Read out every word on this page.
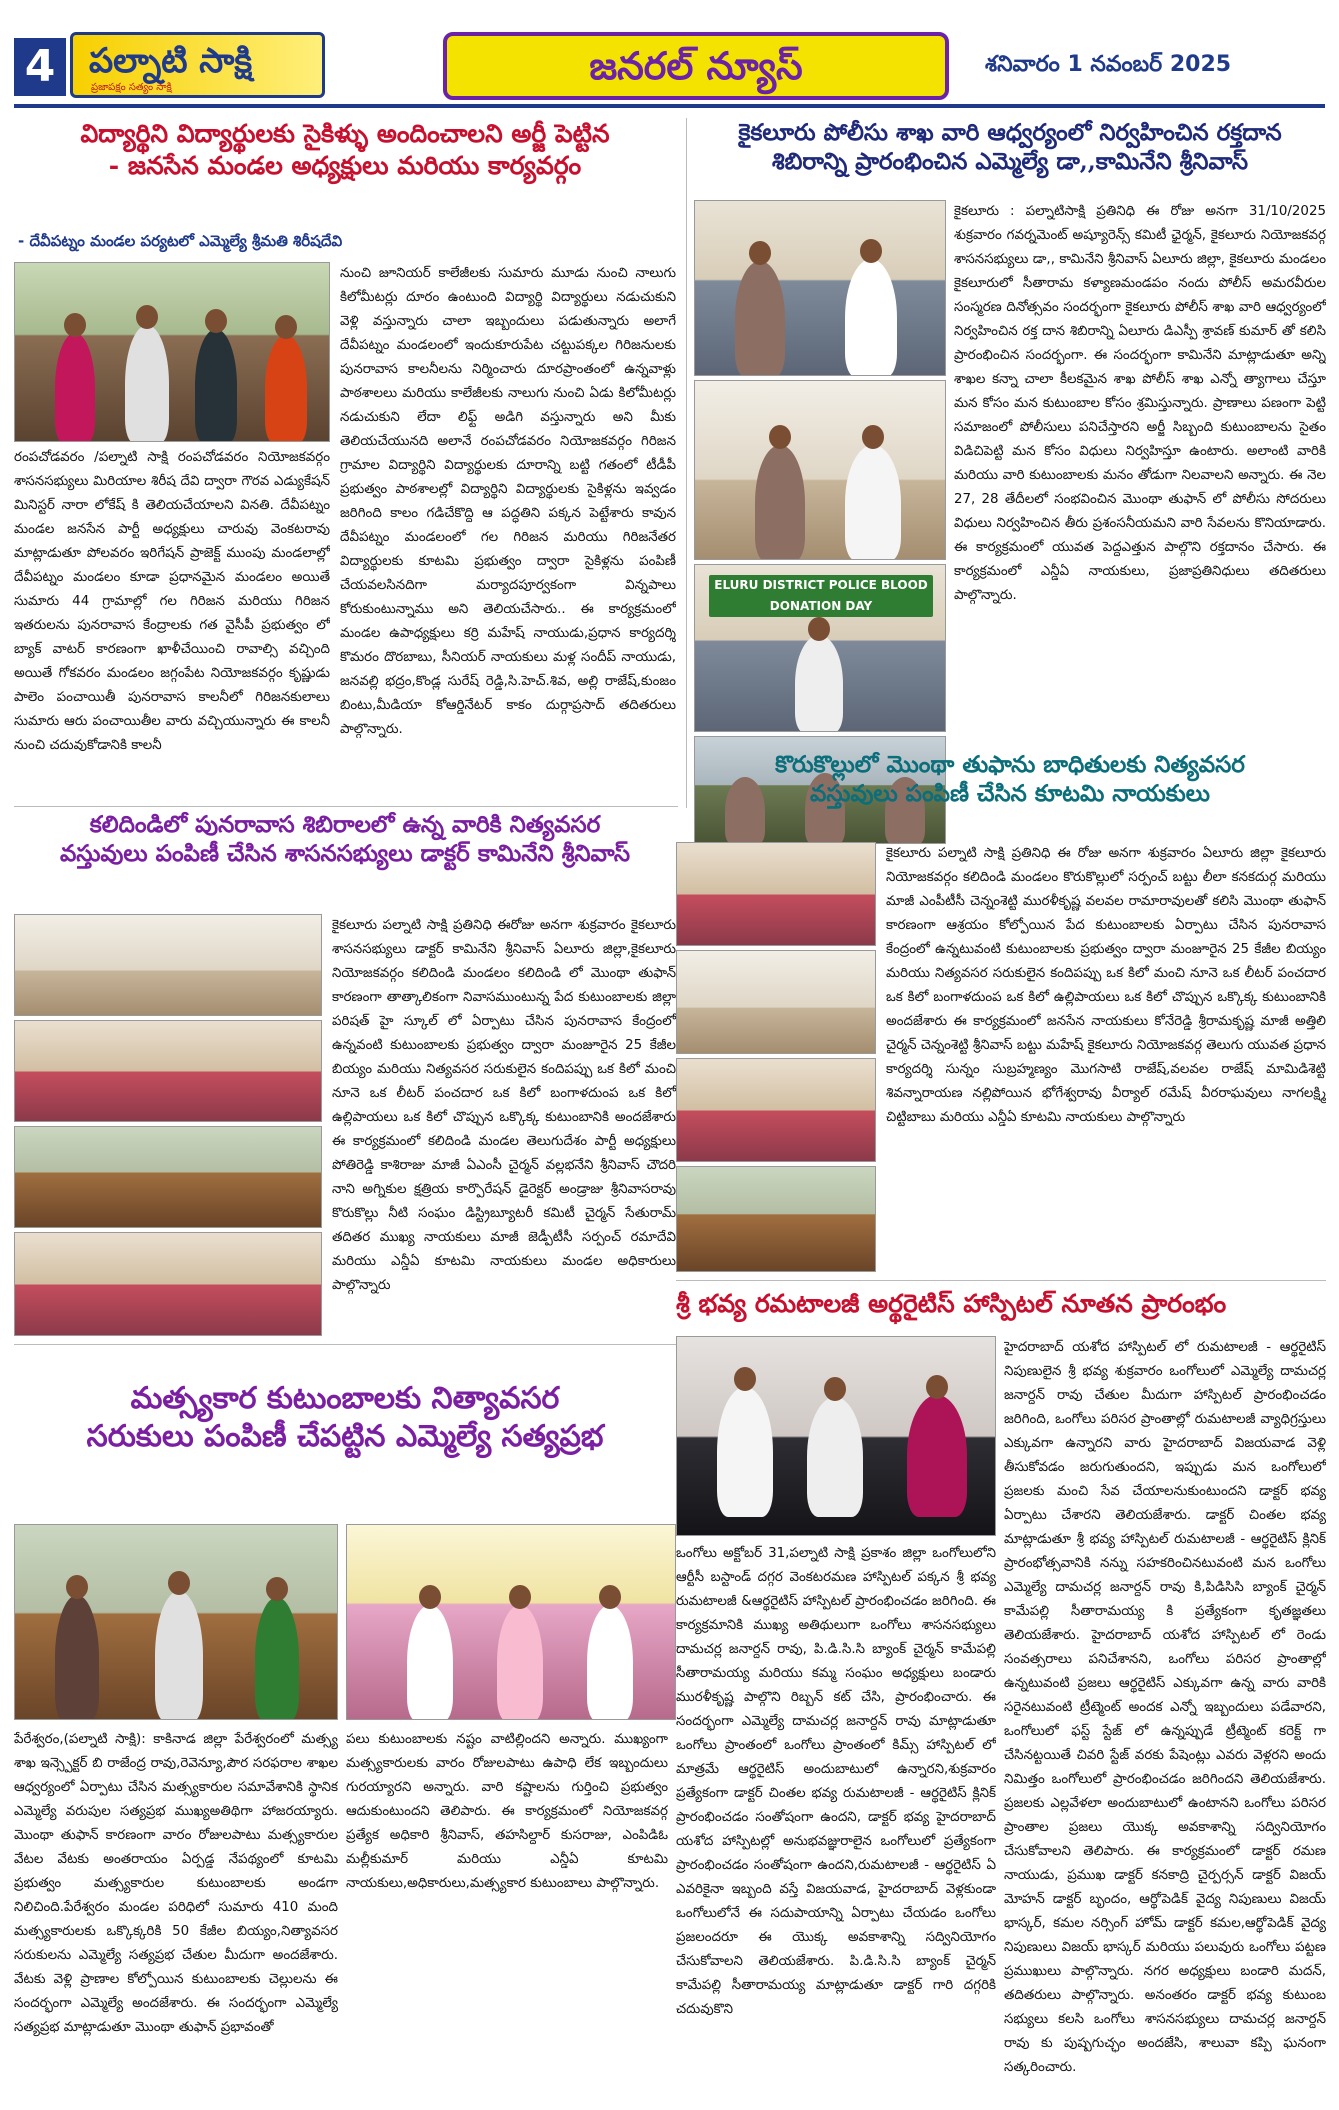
4 పల్నాటి సాక్షి
ప్రజాపక్షం సత్యం సాక్షి	జనరల్ న్యూస్	శనివారం 1 నవంబర్ 2025
విద్యార్థిని విద్యార్థులకు సైకిళ్ళు అందించాలని అర్జీ పెట్టిన
- జనసేన మండల అధ్యక్షులు మరియు కార్యవర్గం
- దేవీపట్నం మండల పర్యటలో ఎమ్మెల్యే శ్రీమతి శిరీషదేవి
రంపచోడవరం /పల్నాటి సాక్షి రంపచోడవరం నియోజకవర్గం శాసనసభ్యులు మిరియాల శిరీష దేవి ద్వారా గౌరవ ఎడ్యుకేషన్ మినిస్టర్ నారా లోకేష్ కి తెలియచేయాలని వినతి. దేవీపట్నం మండల జనసేన పార్టీ అధ్యక్షులు చారువు వెంకటరావు మాట్లాడుతూ పోలవరం ఇరిగేషన్ ప్రాజెక్ట్ ముంపు మండలాల్లో దేవీపట్నం మండలం కూడా ప్రధానమైన మండలం అయితే సుమారు 44 గ్రామాల్లో గల గిరిజన మరియు గిరిజన ఇతరులను పునరావాస కేంద్రాలకు గత వైసీపీ ప్రభుత్వం లో బ్యాక్ వాటర్ కారణంగా ఖాళీచేయించి రావాల్సి వచ్చింది అయితే గోకవరం మండలం జగ్గంపేట నియోజకవర్గం కృష్ణుడు పాలెం పంచాయితీ పునరావాస కాలనీలో గిరిజనకులాలు సుమారు ఆరు పంచాయితీల వారు వచ్చియున్నారు ఈ కాలనీ నుంచి చదువుకోడానికి కాలనీ
నుంచి జూనియర్ కాలేజీలకు సుమారు మూడు నుంచి నాలుగు కిలోమీటర్లు దూరం ఉంటుంది విద్యార్థి విద్యార్థులు నడుచుకుని వెళ్లి వస్తున్నారు చాలా ఇబ్బందులు పడుతున్నారు అలాగే దేవీపట్నం మండలంలో ఇందుకూరుపేట చట్టుపక్కల గిరిజనులకు పునరావాస కాలనీలను నిర్మించారు దూరప్రాంతంలో ఉన్నవాళ్లు పాఠశాలలు మరియు కాలేజీలకు నాలుగు నుంచి ఏడు కిలోమీటర్లు నడుచుకుని లేదా లిఫ్ట్ అడిగి వస్తున్నారు అని మీకు తెలియచేయునది అలానే రంపచోడవరం నియోజకవర్గం గిరిజన గ్రామాల విద్యార్థిని విద్యార్థులకు దూరాన్ని బట్టి గతంలో టీడీపీ ప్రభుత్వం పాఠశాలల్లో విద్యార్థిని విద్యార్థులకు సైకిళ్లను ఇవ్వడం జరిగింది కాలం గడిచేకొద్ది ఆ పద్ధతిని పక్కన పెట్టేశారు కావున దేవీపట్నం మండలంలో గల గిరిజన మరియు గిరిజనేతర విద్యార్థులకు కూటమి ప్రభుత్వం ద్వారా సైకిళ్లను పంపిణీ చేయవలసినదిగా మర్యాదపూర్వకంగా విన్నపాలు కోరుకుంటున్నాము అని తెలియచేసారు.. ఈ కార్యక్రమంలో మండల ఉపాధ్యక్షులు కర్రి మహేష్ నాయుడు,ప్రధాన కార్యదర్శి కొమరం దొరబాబు, సీనియర్ నాయకులు మళ్ల సందీప్ నాయుడు, జనవల్లి భద్రం,కొండ్ల సురేష్ రెడ్డి,సి.హెచ్.శివ, అల్లి రాజేష్,కుంజం బింటు,మీడియా కోఆర్డినేటర్ కాకం దుర్గాప్రసాద్ తదితరులు పాల్గొన్నారు.
కైకలూరు పోలీసు శాఖ వారి ఆధ్వర్యంలో నిర్వహించిన రక్తదాన
శిబిరాన్ని ప్రారంభించిన ఎమ్మెల్యే డా,,కామినేని శ్రీనివాస్
ELURU DISTRICT POLICE BLOOD DONATION DAY
కైకలూరు : పల్నాటిసాక్షి ప్రతినిధి ఈ రోజు అనగా 31/10/2025 శుక్రవారం గవర్నమెంట్ అష్యూరెన్స్ కమిటీ ఛైర్మన్, కైకలూరు నియోజకవర్గ శాసనసభ్యులు డా,, కామినేని శ్రీనివాస్ ఏలూరు జిల్లా, కైకలూరు మండలం కైకలూరులో సీతారామ కళ్యాణమండపం నందు పోలీస్ అమరవీరుల సంస్మరణ దినోత్సవం సందర్భంగా కైకలూరు పోలీస్ శాఖ వారి ఆధ్వర్యంలో నిర్వహించిన రక్త దాన శిబిరాన్ని ఏలూరు డిఎస్పీ శ్రావణ్ కుమార్ తో కలిసి ప్రారంభించిన సందర్భంగా. ఈ సందర్భంగా కామినేని మాట్లాడుతూ అన్ని శాఖల కన్నా చాలా కీలకమైన శాఖ పోలీస్ శాఖ ఎన్నో త్యాగాలు చేస్తూ మన కోసం మన కుటుంబాల కోసం శ్రమిస్తున్నారు. ప్రాణాలు పణంగా పెట్టి సమాజంలో పోలీసులు పనిచేస్తారని అర్జీ సిబ్బంది కుటుంబాలను సైతం విడిచిపెట్టి మన కోసం విధులు నిర్వహిస్తూ ఉంటారు. అలాంటి వారికి మరియు వారి కుటుంబాలకు మనం తోడుగా నిలవాలని అన్నారు. ఈ నెల 27, 28 తేదీలలో సంభవించిన మొంథా తుఫాన్ లో పోలీసు సోదరులు విధులు నిర్వహించిన తీరు ప్రశంసనీయమని వారి సేవలను కొనియాడారు. ఈ కార్యక్రమంలో యువత పెద్దఎత్తున పాల్గొని రక్తదానం చేసారు. ఈ కార్యక్రమంలో ఎన్డీఏ నాయకులు, ప్రజాప్రతినిధులు తదితరులు పాల్గొన్నారు.
కొరుకొల్లులో మొంథా తుఫాను బాధితులకు నిత్యవసర
వస్తువులు పంపిణీ చేసిన కూటమి నాయకులు
కైకలూరు పల్నాటి సాక్షి ప్రతినిధి ఈ రోజు అనగా శుక్రవారం ఏలూరు జిల్లా కైకలూరు నియోజకవర్గం కలిదిండి మండలం కొరుకొల్లులో సర్పంచ్ బట్టు లీలా కనకదుర్గ మరియు మాజీ ఎంపీటీసీ చెన్నంశెట్టి మురళీకృష్ణ వలవల రామారావులతో కలిసి మొంథా తుఫాన్ కారణంగా ఆశ్రయం కోల్పోయిన పేద కుటుంబాలకు ఏర్పాటు చేసిన పునరావాస కేంద్రంలో ఉన్నటువంటి కుటుంబాలకు ప్రభుత్వం ద్వారా మంజూరైన 25 కేజీల బియ్యం మరియు నిత్యవసర సరుకులైన కందిపప్పు ఒక కిలో మంచి నూనె ఒక లీటర్ పంచదార ఒక కిలో బంగాళదుంప ఒక కిలో ఉల్లిపాయలు ఒక కిలో చొప్పున ఒక్కొక్క కుటుంబానికి అందజేశారు ఈ కార్యక్రమంలో జనసేన నాయకులు కోనేరెడ్డి శ్రీరామకృష్ణ మాజీ అత్తిలి చైర్మన్ చెన్నంశెట్టి శ్రీనివాస్ బట్టు మహేష్ కైకలూరు నియోజకవర్గ తెలుగు యువత ప్రధాన కార్యదర్శి సున్నం సుబ్రహ్మణ్యం మొగసాటి రాజేష్,వలవల రాజేష్ మామిడిశెట్టి శివన్నారాయణ నల్లిపోయిన భోగేశ్వరావు వీర్యాల్ రమేష్ వీరరాఘవులు నాగలక్ష్మి చిట్టిబాబు మరియు ఎన్డీఏ కూటమి నాయకులు పాల్గొన్నారు
కలిదిండిలో పునరావాస శిబిరాలలో ఉన్న వారికి నిత్యవసర
వస్తువులు పంపిణీ చేసిన శాసనసభ్యులు డాక్టర్ కామినేని శ్రీనివాస్
కైకలూరు పల్నాటి సాక్షి ప్రతినిధి ఈరోజు అనగా శుక్రవారం కైకలూరు శాసనసభ్యులు డాక్టర్ కామినేని శ్రీనివాస్ ఏలూరు జిల్లా,కైకలూరు నియోజకవర్గం కలిదిండి మండలం కలిదిండి లో మొంథా తుఫాన్ కారణంగా తాత్కాలికంగా నివాసముంటున్న పేద కుటుంబాలకు జిల్లా పరిషత్ హై స్కూల్ లో ఏర్పాటు చేసిన పునరావాస కేంద్రంలో ఉన్నవంటి కుటుంబాలకు ప్రభుత్వం ద్వారా మంజూరైన 25 కేజీల బియ్యం మరియు నిత్యవసర సరుకులైన కందిపప్పు ఒక కిలో మంచి నూనె ఒక లీటర్ పంచదార ఒక కిలో బంగాళదుంప ఒక కిలో ఉల్లిపాయలు ఒక కిలో చొప్పున ఒక్కొక్క కుటుంబానికి అందజేశారు ఈ కార్యక్రమంలో కలిదిండి మండల తెలుగుదేశం పార్టీ అధ్యక్షులు పోతిరెడ్డి కాశిరాజు మాజీ ఏఎంసీ చైర్మన్ వల్లభనేని శ్రీనివాస్ చౌదరి నాని అగ్నికుల క్షత్రియ కార్పొరేషన్ డైరెక్టర్ అండ్రాజు శ్రీనివాసరావు కొరుకొల్లు నీటి సంఘం డిస్ట్రిబ్యూటరీ కమిటీ చైర్మన్ సేతురామ్ తదితర ముఖ్య నాయకులు మాజీ జెడ్పీటీసీ సర్పంచ్ రమాదేవి మరియు ఎన్డీఏ కూటమి నాయకులు మండల అధికారులు పాల్గొన్నారు
శ్రీ భవ్య రమటాలజీ అర్థరైటిస్ హాస్పిటల్ నూతన ప్రారంభం
హైదరాబాద్ యశోద హాస్పిటల్ లో రుమటాలజీ - ఆర్థరైటిస్ నిపుణులైన శ్రీ భవ్య శుక్రవారం ఒంగోలులో ఎమ్మెల్యే దామచర్ల జనార్దన్ రావు చేతుల మీదుగా హాస్పిటల్ ప్రారంభించడం జరిగింది, ఒంగోలు పరిసర ప్రాంతాల్లో రుమటాలజీ వ్యాధిగ్రస్తులు ఎక్కువగా ఉన్నారని వారు హైదరాబాద్ విజయవాడ వెళ్లి తీసుకోవడం జరుగుతుందని, ఇప్పుడు మన ఒంగోలులో ప్రజలకు మంచి సేవ చేయాలనుకుంటుందని డాక్టర్ భవ్య ఏర్పాటు చేశారని తెలియజేశారు. డాక్టర్ చింతల భవ్య మాట్లాడుతూ శ్రీ భవ్య హాస్పిటల్ రుమటాలజీ - ఆర్థరైటిస్ క్లినిక్ ప్రారంభోత్సవానికి నన్ను సహకరించినటువంటి మన ఒంగోలు ఎమ్మెల్యే దామచర్ల జనార్దన్ రావు కి,పిడిసిసి బ్యాంక్ చైర్మన్ కామేపల్లి సీతారామయ్య కి ప్రత్యేకంగా కృతజ్ఞతలు తెలియజేశారు. హైదరాబాద్ యశోద హాస్పిటల్ లో రెండు సంవత్సరాలు పనిచేశానని, ఒంగోలు పరిసర ప్రాంతాల్లో ఉన్నటువంటి ప్రజలు ఆర్థరైటిస్ ఎక్కువగా ఉన్న వారు వారికి సరైనటువంటి ట్రీట్మెంట్ అందక ఎన్నో ఇబ్బందులు పడేవారని, ఒంగోలులో ఫస్ట్ స్టేజ్ లో ఉన్నప్పుడే ట్రీట్మెంట్ కరెక్ట్ గా చేసినట్టయితే చివరి స్టేజ్ వరకు పేషెంట్లు ఎవరు వెళ్లరని అందు నిమిత్తం ఒంగోలులో ప్రారంభించడం జరిగిందని తెలియజేశారు. ప్రజలకు ఎల్లవేళలా అందుబాటులో ఉంటానని ఒంగోలు పరిసర ప్రాంతాల ప్రజలు యొక్క అవకాశాన్ని సద్వినియోగం చేసుకోవాలని తెలిపారు. ఈ కార్యక్రమంలో డాక్టర్ రమణ నాయుడు, ప్రముఖ డాక్టర్ కనకాద్రి చైర్పర్సన్ డాక్టర్ విజయ్ మోహన్ డాక్టర్ బృందం, ఆర్థోపెడిక్ వైద్య నిపుణులు విజయ్ భాస్కర్, కమల నర్సింగ్ హోమ్ డాక్టర్ కమల,ఆర్థోపెడిక్ వైద్య నిపుణులు విజయ్ భాస్కర్ మరియు పలువురు ఒంగోలు పట్టణ ప్రముఖులు పాల్గొన్నారు. నగర అధ్యక్షులు బండారి మదన్, తదితరులు పాల్గొన్నారు. అనంతరం డాక్టర్ భవ్య కుటుంబ సభ్యులు కలసి ఒంగోలు శాసనసభ్యులు దామచర్ల జనార్దన్ రావు కు పుష్పగుచ్ఛం అందజేసి, శాలువా కప్పి ఘనంగా సత్కరించారు.
ఒంగోలు అక్టోబర్ 31,పల్నాటి సాక్షి ప్రకాశం జిల్లా ఒంగోలులోని ఆర్టీసీ బస్టాండ్ దగ్గర వెంకటరమణ హాస్పిటల్ పక్కన శ్రీ భవ్య రుమటాలజీ &ఆర్థరైటిస్ హాస్పిటల్ ప్రారంభించడం జరిగింది. ఈ కార్యక్రమానికి ముఖ్య అతిథులుగా ఒంగోలు శాసనసభ్యులు దామచర్ల జనార్దన్ రావు, పి.డి.సి.సి బ్యాంక్ చైర్మన్ కామేపల్లి సీతారామయ్య మరియు కమ్మ సంఘం అధ్యక్షులు బండారు మురళీకృష్ణ పాల్గొని రిబ్బన్ కట్ చేసి, ప్రారంభించారు. ఈ సందర్భంగా ఎమ్మెల్యే దామచర్ల జనార్దన్ రావు మాట్లాడుతూ ఒంగోలు ప్రాంతంలో ఒంగోలు ప్రాంతంలో కిమ్స్ హాస్పిటల్ లో మాత్రమే ఆర్థరైటిస్ అందుబాటులో ఉన్నారని,శుక్రవారం ప్రత్యేకంగా డాక్టర్ చింతల భవ్య రుమటాలజీ - ఆర్థరైటిస్ క్లినిక్ ప్రారంభించడం సంతోషంగా ఉందని, డాక్టర్ భవ్య హైదరాబాద్ యశోద హాస్పిటల్లో అనుభవజ్ఞురాలైన ఒంగోలులో ప్రత్యేకంగా ప్రారంభించడం సంతోషంగా ఉందని,రుమటాలజీ - ఆర్థరైటిస్ ఏ ఎవరికైనా ఇబ్బంది వస్తే విజయవాడ, హైదరాబాద్ వెళ్లకుండా ఒంగోలులోనే ఈ సదుపాయాన్ని ఏర్పాటు చేయడం ఒంగోలు ప్రజలందరూ ఈ యొక్క అవకాశాన్ని సద్వినియోగం చేసుకోవాలని తెలియజేశారు. పి.డి.సి.సి బ్యాంక్ చైర్మన్ కామేపల్లి సీతారామయ్య మాట్లాడుతూ డాక్టర్ గారి దగ్గరికి చదువుకొని
మత్స్యకార కుటుంబాలకు నిత్యావసర
సరుకులు పంపిణీ చేపట్టిన ఎమ్మెల్యే సత్యప్రభ
పేరేశ్వరం,(పల్నాటి సాక్షి): కాకినాడ జిల్లా పేరేశ్వరంలో మత్స్య శాఖ ఇన్స్పెక్టర్ బి రాజేంద్ర రావు,రెవెన్యూ,పౌర సరఫరాల శాఖల ఆధ్వర్యంలో ఏర్పాటు చేసిన మత్స్యకారుల సమావేశానికి స్థానిక ఎమ్మెల్యే వరుపుల సత్యప్రభ ముఖ్యఅతిథిగా హాజరయ్యారు. మొంథా తుఫాన్ కారణంగా వారం రోజులపాటు మత్స్యకారుల వేటల వేటకు అంతరాయం ఏర్పడ్డ నేపథ్యంలో కూటమి ప్రభుత్వం మత్స్యకారుల కుటుంబాలకు అండగా నిలిచింది.పేరేశ్వరం మండల పరిధిలో సుమారు 410 మంది మత్స్యకారులకు ఒక్కొక్కరికి 50 కేజీల బియ్యం,నిత్యావసర సరుకులను ఎమ్మెల్యే సత్యప్రభ చేతుల మీదుగా అందజేశారు. వేటకు వెళ్లి ప్రాణాల కోల్పోయిన కుటుంబాలకు చెల్లులను ఈ సందర్భంగా ఎమ్మెల్యే అందజేశారు. ఈ సందర్భంగా ఎమ్మెల్యే సత్యప్రభ మాట్లాడుతూ మొంథా తుఫాన్ ప్రభావంతో
పలు కుటుంబాలకు నష్టం వాటిల్లిందని అన్నారు. ముఖ్యంగా మత్స్యకారులకు వారం రోజులపాటు ఉపాధి లేక ఇబ్బందులు గురయ్యారని అన్నారు. వారి కష్టాలను గుర్తించి ప్రభుత్వం ఆదుకుంటుందని తెలిపారు. ఈ కార్యక్రమంలో నియోజకవర్గ ప్రత్యేక అధికారి శ్రీనివాస్, తహసిల్దార్ కుసరాజు, ఎంపిడిఓ మల్లీకుమార్ మరియు ఎన్డీఏ కూటమి నాయకులు,అధికారులు,మత్స్యకార కుటుంబాలు పాల్గొన్నారు.
